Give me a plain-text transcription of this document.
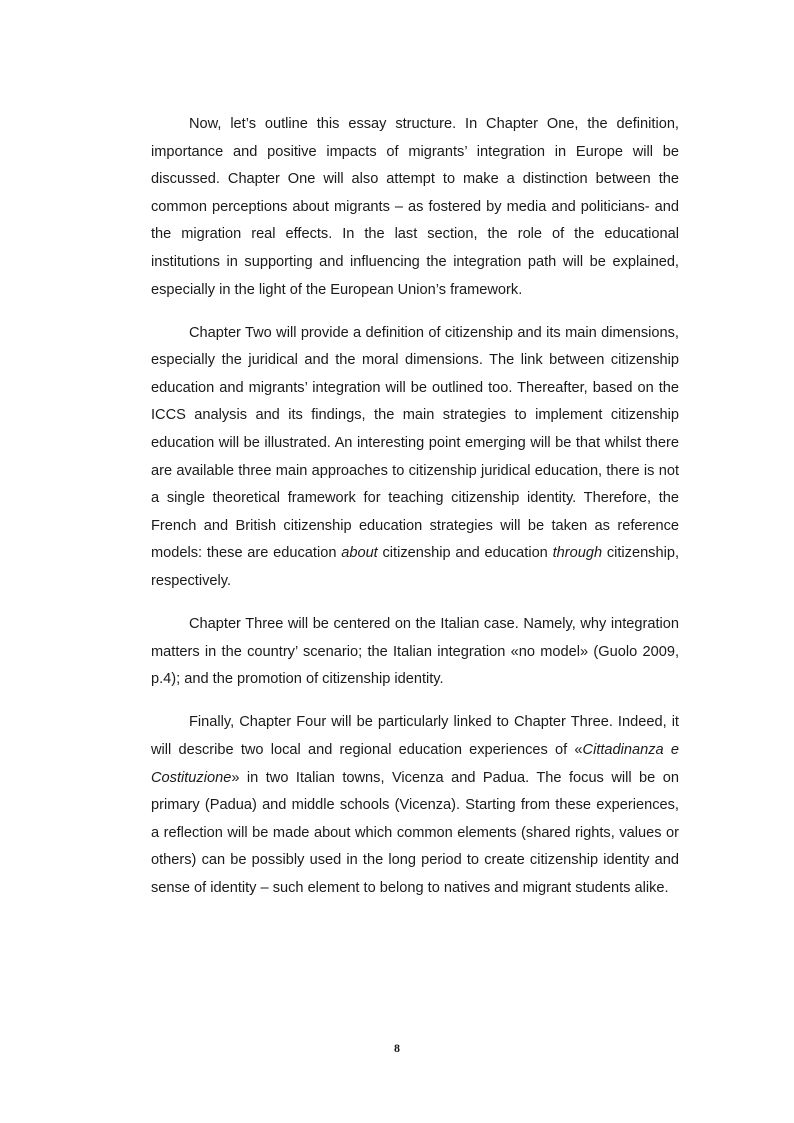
Now, let’s outline this essay structure. In Chapter One, the definition, importance and positive impacts of migrants’ integration in Europe will be discussed. Chapter One will also attempt to make a distinction between the common perceptions about migrants – as fostered by media and politicians- and the migration real effects. In the last section, the role of the educational institutions in supporting and influencing the integration path will be explained, especially in the light of the European Union’s framework.

Chapter Two will provide a definition of citizenship and its main dimensions, especially the juridical and the moral dimensions. The link between citizenship education and migrants’ integration will be outlined too. Thereafter, based on the ICCS analysis and its findings, the main strategies to implement citizenship education will be illustrated. An interesting point emerging will be that whilst there are available three main approaches to citizenship juridical education, there is not a single theoretical framework for teaching citizenship identity. Therefore, the French and British citizenship education strategies will be taken as reference models: these are education about citizenship and education through citizenship, respectively.

Chapter Three will be centered on the Italian case. Namely, why integration matters in the country’ scenario; the Italian integration «no model» (Guolo 2009, p.4); and the promotion of citizenship identity.

Finally, Chapter Four will be particularly linked to Chapter Three. Indeed, it will describe two local and regional education experiences of «Cittadinanza e Costituzione» in two Italian towns, Vicenza and Padua. The focus will be on primary (Padua) and middle schools (Vicenza). Starting from these experiences, a reflection will be made about which common elements (shared rights, values or others) can be possibly used in the long period to create citizenship identity and sense of identity – such element to belong to natives and migrant students alike.

8
